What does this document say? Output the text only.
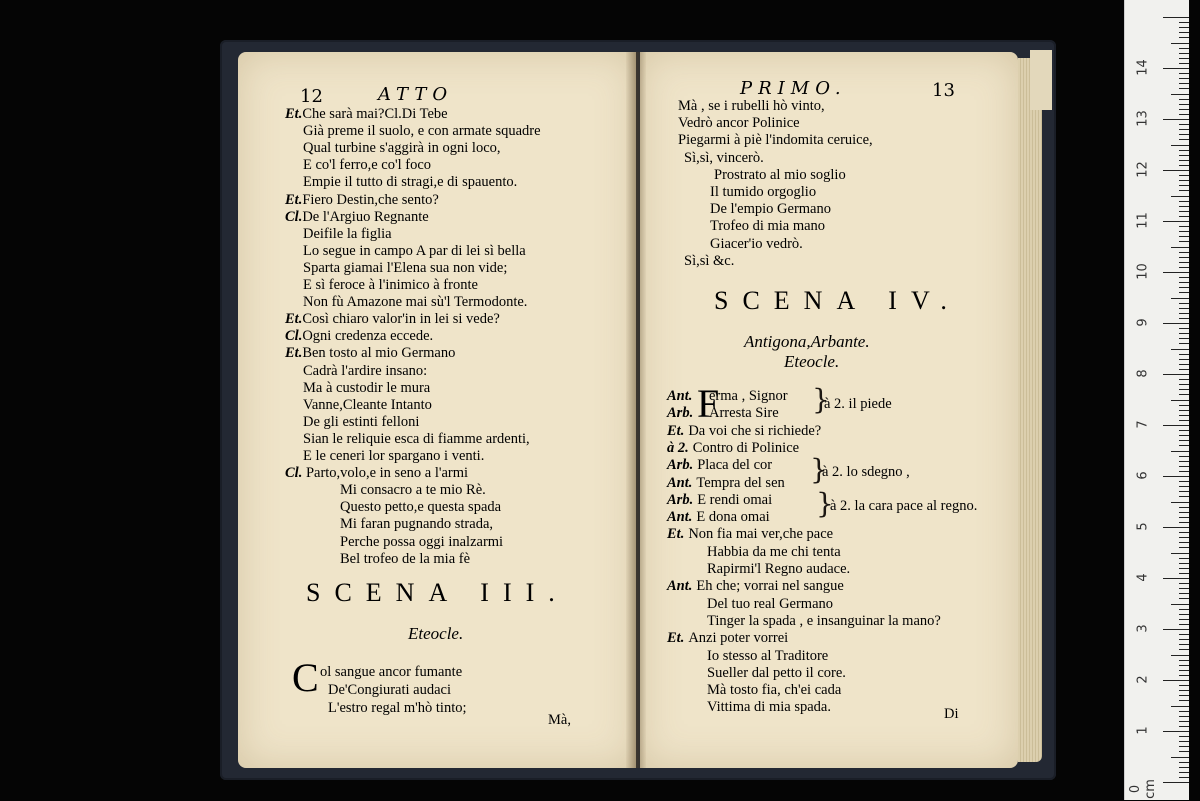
12	ATTO
Et.Che sarà mai?Cl.Di Tebe
Già preme il suolo, e con armate squadre
Qual turbine s'aggirà in ogni loco,
E co'l ferro,e co'l foco
Empie il tutto di stragi,e di spauento.
Et.Fiero Destin,che sento?
Cl.De l'Argiuo Regnante
Deifile la figlia
Lo segue in campo A par di lei sì bella
Sparta giamai l'Elena sua non vide;
E sì feroce à l'inimico à fronte
Non fù Amazone mai sù'l Termodonte.
Et.Così chiaro valor'in in lei si vede?
Cl.Ogni credenza eccede.
Et.Ben tosto al mio Germano
Cadrà l'ardire insano:
Ma à custodir le mura
Vanne,Cleante Intanto
De gli estinti felloni
Sian le reliquie esca di fiamme ardenti,
E le ceneri lor spargano i venti.
Cl. Parto,volo,e in seno a l'armi
Mi consacro a te mio Rè.
Questo petto,e questa spada
Mi faran pugnando strada,
Perche possa oggi inalzarmi
Bel trofeo de la mia fè
SCENA III.
Eteocle.
C ol sangue ancor fumante
De'Congiurati audaci
L'estro regal m'hò tinto;
Mà,
PRIMO.	13
Mà , se i rubelli hò vinto,
Vedrò ancor Polinice
Piegarmi à piè l'indomita ceruice,
Sì,sì, vincerò.
Prostrato al mio soglio
Il tumido orgoglio
De l'empio Germano
Trofeo di mia mano
Giacer'io vedrò.
Sì,sì &c.
SCENA IV.
Antigona,Arbante.
Eteocle.
F
Ant. erma , Signor
Arb. Arresta Sire
Et. Da voi che si richiede?
à 2. Contro di Polinice
Arb. Placa del cor
Ant. Tempra del sen
Arb. E rendi omai
Ant. E dona omai
Et. Non fia mai ver,che pace
Habbia da me chi tenta
Rapirmi'l Regno audace.
Ant. Eh che; vorrai nel sangue
Del tuo real Germano
Tinger la spada , e insanguinar la mano?
Et. Anzi poter vorrei
Io stesso al Traditore
Sueller dal petto il core.
Mà tosto fia, ch'ei cada
Vittima di mia spada.
}
à 2. il piede
}
à 2. lo sdegno ,
}
à 2. la cara pace al regno.
Di
0 cm
1
2
3
4
5
6
7
8
9
10
11
12
13
14
